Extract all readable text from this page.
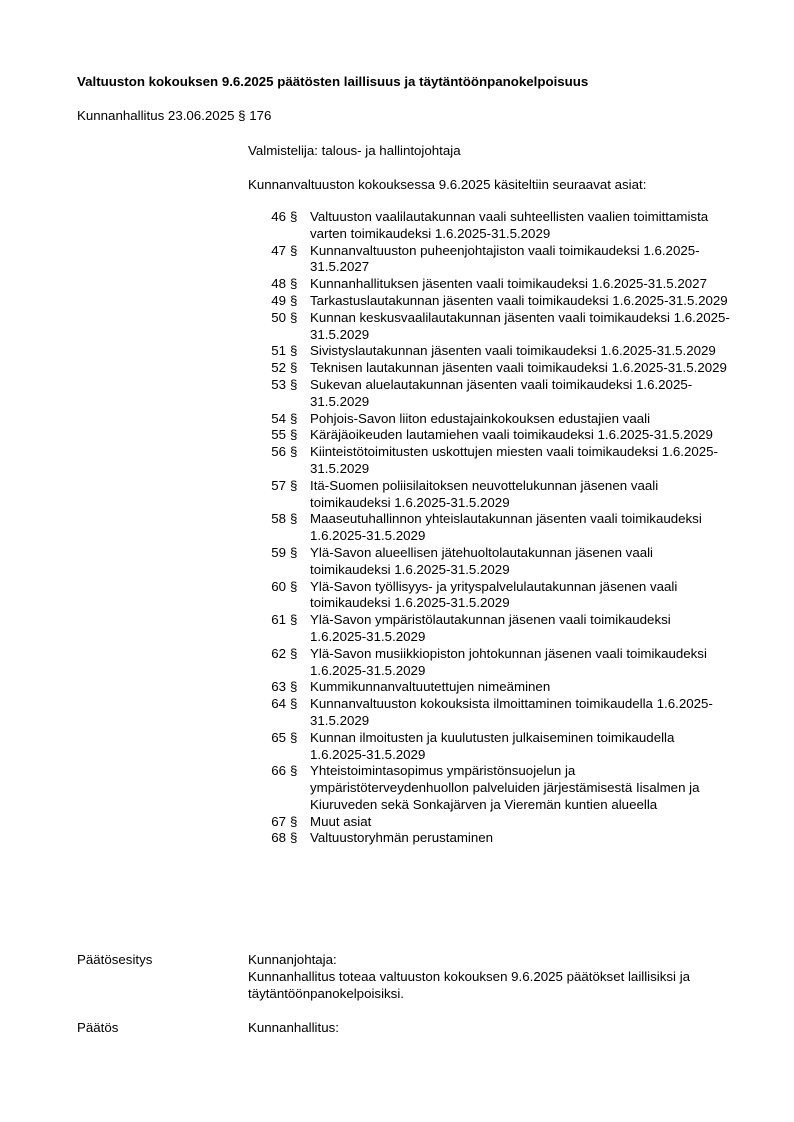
Valtuuston kokouksen 9.6.2025 päätösten laillisuus ja täytäntöönpanokelpoisuus
Kunnanhallitus 23.06.2025 § 176
Valmistelija: talous- ja hallintojohtaja
Kunnanvaltuuston kokouksessa 9.6.2025 käsiteltiin seuraavat asiat:
46 § Valtuuston vaalilautakunnan vaali suhteellisten vaalien toimittamista varten toimikaudeksi 1.6.2025-31.5.2029
47 § Kunnanvaltuuston puheenjohtajiston vaali toimikaudeksi 1.6.2025-31.5.2027
48 § Kunnanhallituksen jäsenten vaali toimikaudeksi 1.6.2025-31.5.2027
49 § Tarkastuslautakunnan jäsenten vaali toimikaudeksi 1.6.2025-31.5.2029
50 § Kunnan keskusvaalilautakunnan jäsenten vaali toimikaudeksi 1.6.2025-31.5.2029
51 § Sivistyslautakunnan jäsenten vaali toimikaudeksi 1.6.2025-31.5.2029
52 § Teknisen lautakunnan jäsenten vaali toimikaudeksi 1.6.2025-31.5.2029
53 § Sukevan aluelautakunnan jäsenten vaali toimikaudeksi 1.6.2025-31.5.2029
54 § Pohjois-Savon liiton edustajainkokouksen edustajien vaali
55 § Käräjäoikeuden lautamiehen vaali toimikaudeksi 1.6.2025-31.5.2029
56 § Kiinteistötoimitusten uskottujen miesten vaali toimikaudeksi 1.6.2025-31.5.2029
57 § Itä-Suomen poliisilaitoksen neuvottelukunnan jäsenen vaali toimikaudeksi 1.6.2025-31.5.2029
58 § Maaseutuhallinnon yhteislautakunnan jäsenten vaali toimikaudeksi 1.6.2025-31.5.2029
59 § Ylä-Savon alueellisen jätehuoltolautakunnan jäsenen vaali toimikaudeksi 1.6.2025-31.5.2029
60 § Ylä-Savon työllisyys- ja yrityspalvelulautakunnan jäsenen vaali toimikaudeksi 1.6.2025-31.5.2029
61 § Ylä-Savon ympäristölautakunnan jäsenen vaali toimikaudeksi 1.6.2025-31.5.2029
62 § Ylä-Savon musiikkiopiston johtokunnan jäsenen vaali toimikaudeksi 1.6.2025-31.5.2029
63 § Kummikunnanvaltuutettujen nimeäminen
64 § Kunnanvaltuuston kokouksista ilmoittaminen toimikaudella 1.6.2025-31.5.2029
65 § Kunnan ilmoitusten ja kuulutusten julkaiseminen toimikaudella 1.6.2025-31.5.2029
66 § Yhteistoimintasopimus ympäristönsuojelun ja ympäristöterveydenhuollon palveluiden järjestämisestä Iisalmen ja Kiuruveden sekä Sonkajärven ja Vieremän kuntien alueella
67 § Muut asiat
68 § Valtuustoryhmän perustaminen
Päätösesitys	Kunnanjohtaja:
Kunnanhallitus toteaa valtuuston kokouksen 9.6.2025 päätökset laillisiksi ja täytäntöönpanokelpoisiksi.
Päätös	Kunnanhallitus:
